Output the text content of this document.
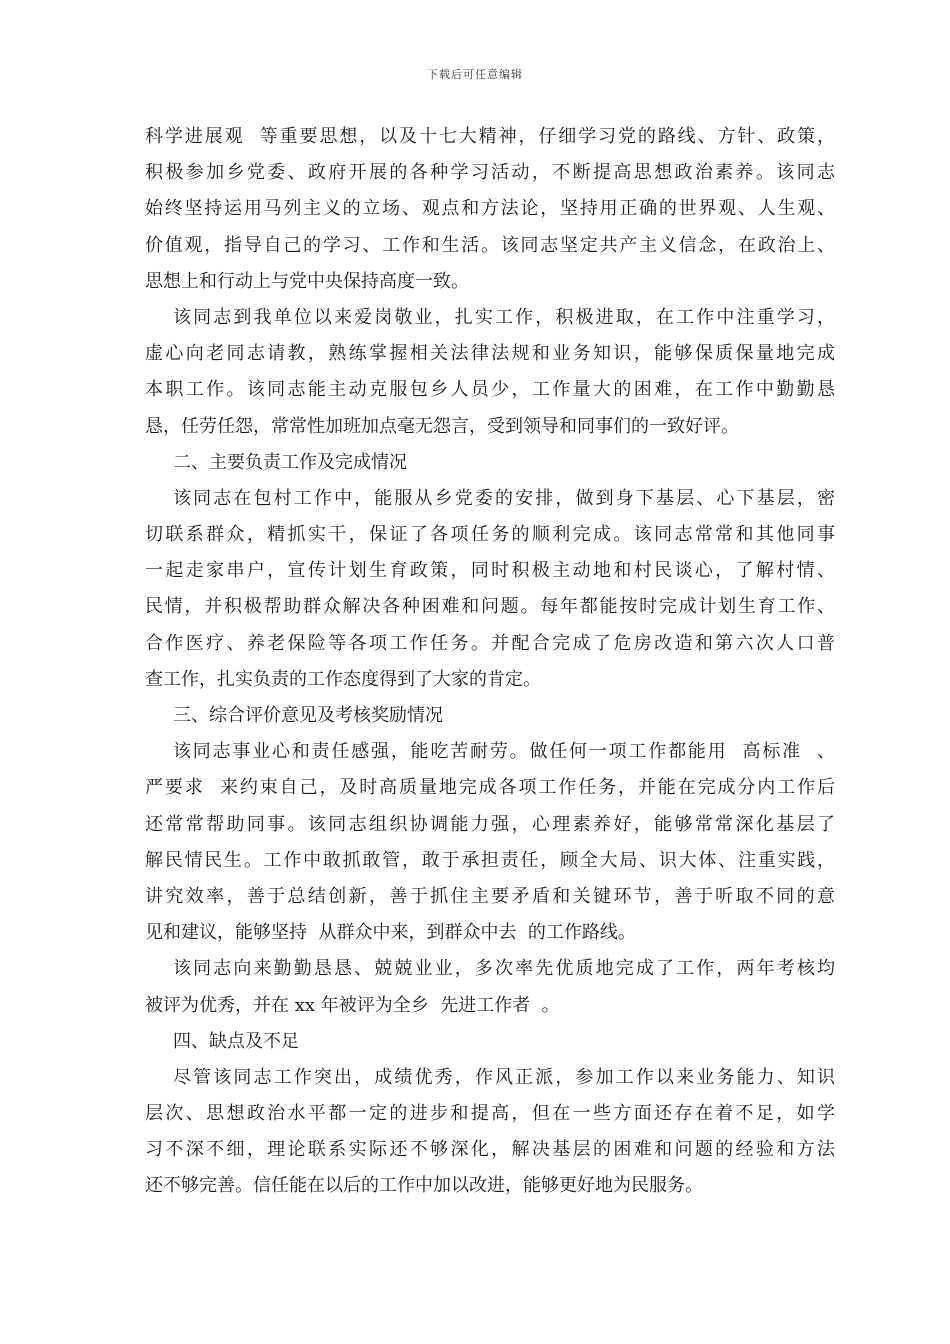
下载后可任意编辑
科学进展观  等重要思想，以及十七大精神，仔细学习党的路线、方针、政策，
积极参加乡党委、政府开展的各种学习活动，不断提高思想政治素养。该同志
始终坚持运用马列主义的立场、观点和方法论，坚持用正确的世界观、人生观、
价值观，指导自己的学习、工作和生活。该同志坚定共产主义信念，在政治上、
思想上和行动上与党中央保持高度一致。
该同志到我单位以来爱岗敬业，扎实工作，积极进取，在工作中注重学习，
虚心向老同志请教，熟练掌握相关法律法规和业务知识，能够保质保量地完成
本职工作。该同志能主动克服包乡人员少，工作量大的困难，在工作中勤勤恳
恳，任劳任怨，常常性加班加点毫无怨言，受到领导和同事们的一致好评。
二、主要负责工作及完成情况
该同志在包村工作中，能服从乡党委的安排，做到身下基层、心下基层，密
切联系群众，精抓实干，保证了各项任务的顺利完成。该同志常常和其他同事
一起走家串户，宣传计划生育政策，同时积极主动地和村民谈心，了解村情、
民情，并积极帮助群众解决各种困难和问题。每年都能按时完成计划生育工作、
合作医疗、养老保险等各项工作任务。并配合完成了危房改造和第六次人口普
查工作，扎实负责的工作态度得到了大家的肯定。
三、综合评价意见及考核奖励情况
该同志事业心和责任感强，能吃苦耐劳。做任何一项工作都能用  高标准  、
严要求  来约束自己，及时高质量地完成各项工作任务，并能在完成分内工作后
还常常帮助同事。该同志组织协调能力强，心理素养好，能够常常深化基层了
解民情民生。工作中敢抓敢管，敢于承担责任，顾全大局、识大体、注重实践，
讲究效率，善于总结创新，善于抓住主要矛盾和关键环节，善于听取不同的意
见和建议，能够坚持  从群众中来，到群众中去  的工作路线。
该同志向来勤勤恳恳、兢兢业业，多次率先优质地完成了工作，两年考核均
被评为优秀，并在 xx 年被评为全乡  先进工作者  。
四、缺点及不足
尽管该同志工作突出，成绩优秀，作风正派，参加工作以来业务能力、知识
层次、思想政治水平都一定的进步和提高，但在一些方面还存在着不足，如学
习不深不细，理论联系实际还不够深化，解决基层的困难和问题的经验和方法
还不够完善。信任能在以后的工作中加以改进，能够更好地为民服务。
